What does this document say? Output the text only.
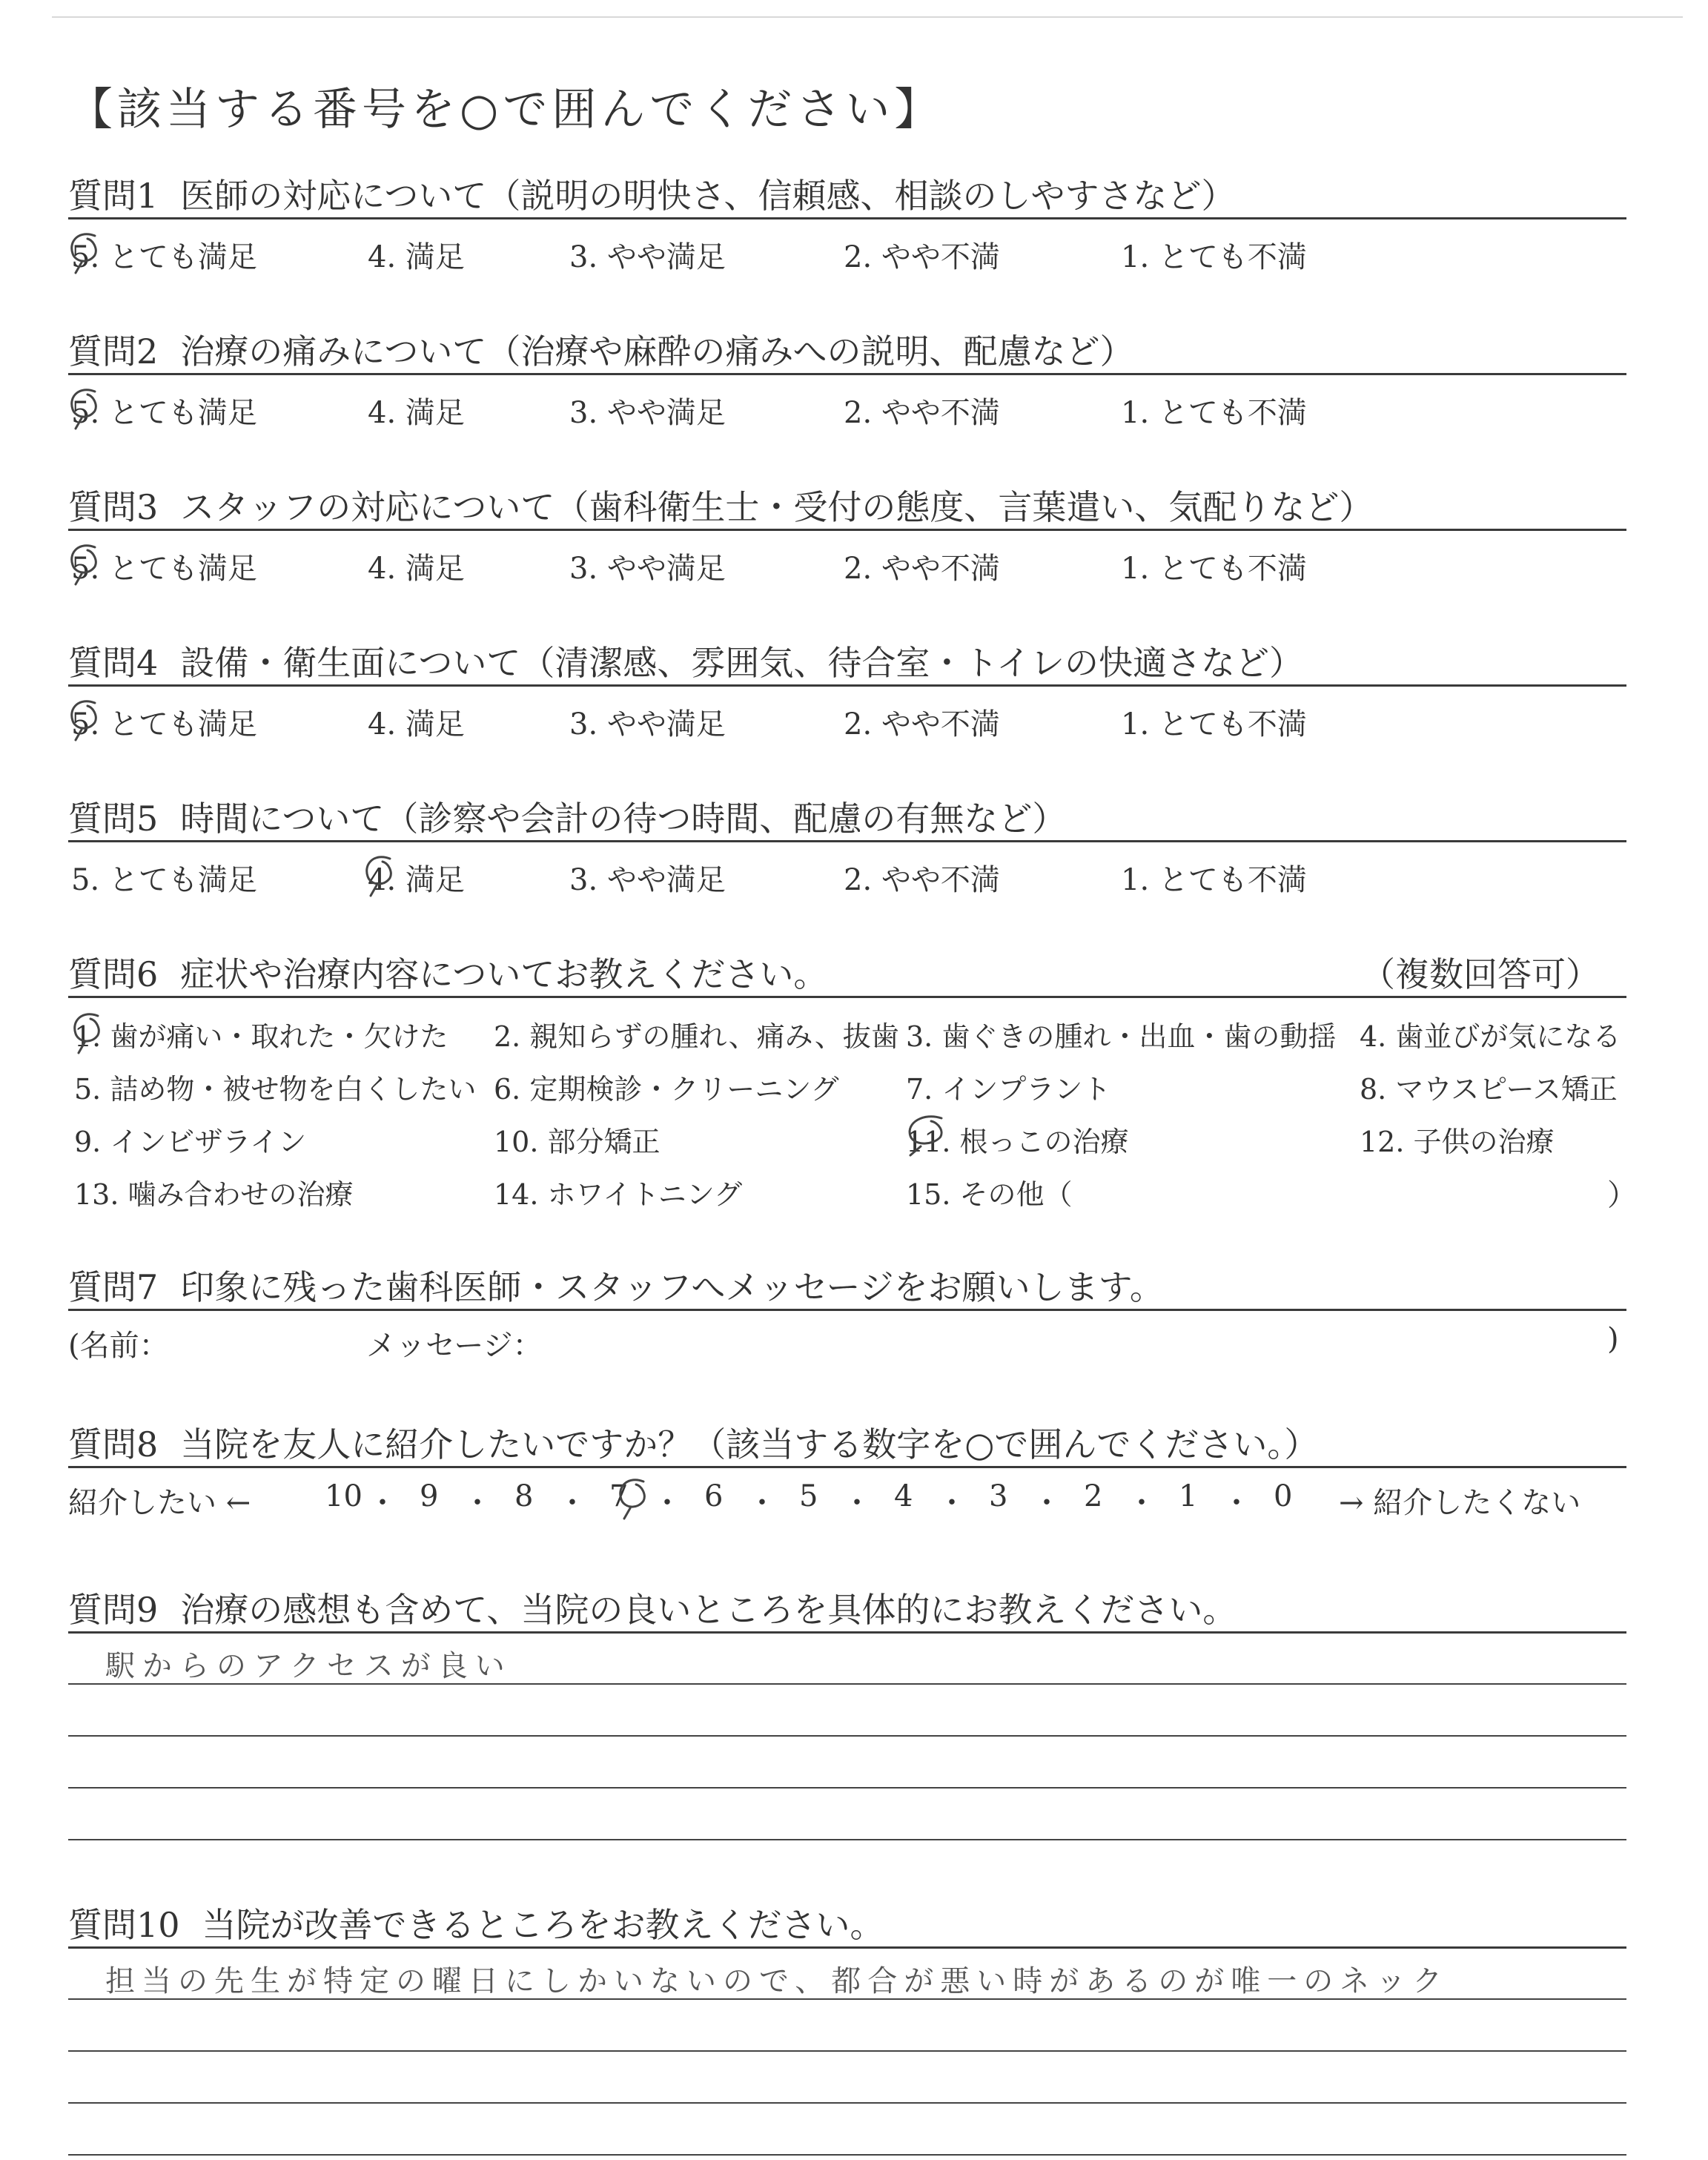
【該当する番号を○で囲んでください】
質問1 医師の対応について（説明の明快さ、信頼感、相談のしやすさなど）
5. とても満足	4. 満足	3. やや満足	2. やや不満	1. とても不満
質問2 治療の痛みについて（治療や麻酔の痛みへの説明、配慮など）
5. とても満足	4. 満足	3. やや満足	2. やや不満	1. とても不満
質問3 スタッフの対応について（歯科衛生士・受付の態度、言葉遣い、気配りなど）
5. とても満足	4. 満足	3. やや満足	2. やや不満	1. とても不満
質問4 設備・衛生面について（清潔感、雰囲気、待合室・トイレの快適さなど）
5. とても満足	4. 満足	3. やや満足	2. やや不満	1. とても不満
質問5 時間について（診察や会計の待つ時間、配慮の有無など）
5. とても満足	4. 満足	3. やや満足	2. やや不満	1. とても不満
質問6 症状や治療内容についてお教えください。	（複数回答可）
1. 歯が痛い・取れた・欠けた 2. 親知らずの腫れ、痛み、抜歯 3. 歯ぐきの腫れ・出血・歯の動揺 4. 歯並びが気になる
5. 詰め物・被せ物を白くしたい 6. 定期検診・クリーニング 7. インプラント	8. マウスピース矯正
9. インビザライン	10. 部分矯正	11. 根っこの治療	12. 子供の治療
13. 噛み合わせの治療	14. ホワイトニング	15. その他（	）
質問7 印象に残った歯科医師・スタッフへメッセージをお願いします。
(名前：	メッセージ：	)
質問8 当院を友人に紹介したいですか？（該当する数字を○で囲んでください。）
紹介したい ← 10 ・ 9 ・ 8 ・ 7 ・ 6 ・ 5 ・ 4 ・ 3 ・ 2 ・ 1 ・ 0 → 紹介したくない
質問9 治療の感想も含めて、当院の良いところを具体的にお教えください。
駅からのアクセスが良い
質問10 当院が改善できるところをお教えください。
担当の先生が特定の曜日にしかいないので、都合が悪い時があるのが唯一のネック
